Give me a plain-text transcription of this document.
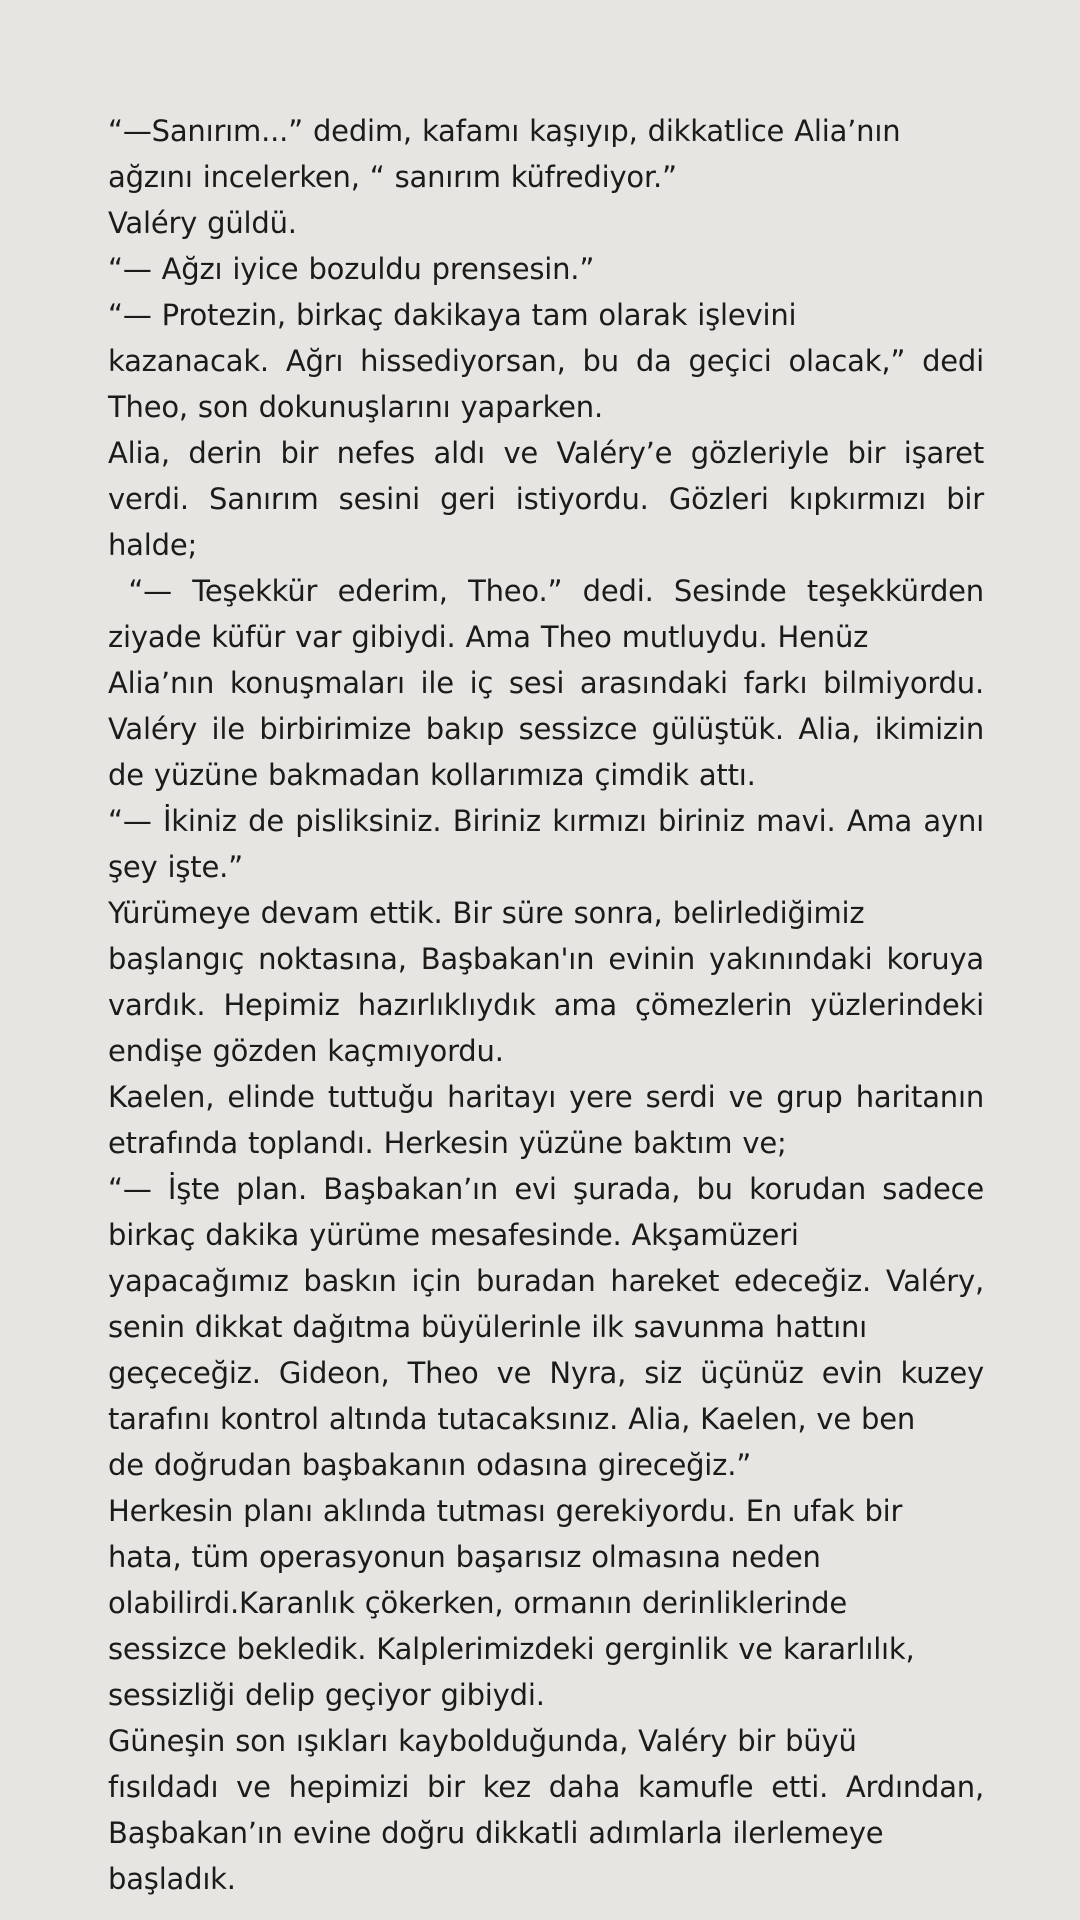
“—Sanırım...” dedim, kafamı kaşıyıp, dikkatlice Alia’nın
ağzını incelerken, “ sanırım küfrediyor.”
Valéry güldü.
“— Ağzı iyice bozuldu prensesin.”
“— Protezin, birkaç dakikaya tam olarak işlevini
kazanacak. Ağrı hissediyorsan, bu da geçici olacak,” dedi
Theo, son dokunuşlarını yaparken.
Alia, derin bir nefes aldı ve Valéry’e gözleriyle bir işaret
verdi. Sanırım sesini geri istiyordu. Gözleri kıpkırmızı bir
halde;
“— Teşekkür ederim, Theo.” dedi. Sesinde teşekkürden
ziyade küfür var gibiydi. Ama Theo mutluydu. Henüz
Alia’nın konuşmaları ile iç sesi arasındaki farkı bilmiyordu.
Valéry ile birbirimize bakıp sessizce gülüştük. Alia, ikimizin
de yüzüne bakmadan kollarımıza çimdik attı.
“— İkiniz de pisliksiniz. Biriniz kırmızı biriniz mavi. Ama aynı
şey işte.”
Yürümeye devam ettik. Bir süre sonra, belirlediğimiz
başlangıç noktasına, Başbakan'ın evinin yakınındaki koruya
vardık. Hepimiz hazırlıklıydık ama çömezlerin yüzlerindeki
endişe gözden kaçmıyordu.
Kaelen, elinde tuttuğu haritayı yere serdi ve grup haritanın
etrafında toplandı. Herkesin yüzüne baktım ve;
“— İşte plan. Başbakan’ın evi şurada, bu korudan sadece
birkaç dakika yürüme mesafesinde. Akşamüzeri
yapacağımız baskın için buradan hareket edeceğiz. Valéry,
senin dikkat dağıtma büyülerinle ilk savunma hattını
geçeceğiz. Gideon, Theo ve Nyra, siz üçünüz evin kuzey
tarafını kontrol altında tutacaksınız. Alia, Kaelen, ve ben
de doğrudan başbakanın odasına gireceğiz.”
Herkesin planı aklında tutması gerekiyordu. En ufak bir
hata, tüm operasyonun başarısız olmasına neden
olabilirdi.Karanlık çökerken, ormanın derinliklerinde
sessizce bekledik. Kalplerimizdeki gerginlik ve kararlılık,
sessizliği delip geçiyor gibiydi.
Güneşin son ışıkları kaybolduğunda, Valéry bir büyü
fısıldadı ve hepimizi bir kez daha kamufle etti. Ardından,
Başbakan’ın evine doğru dikkatli adımlarla ilerlemeye
başladık.
